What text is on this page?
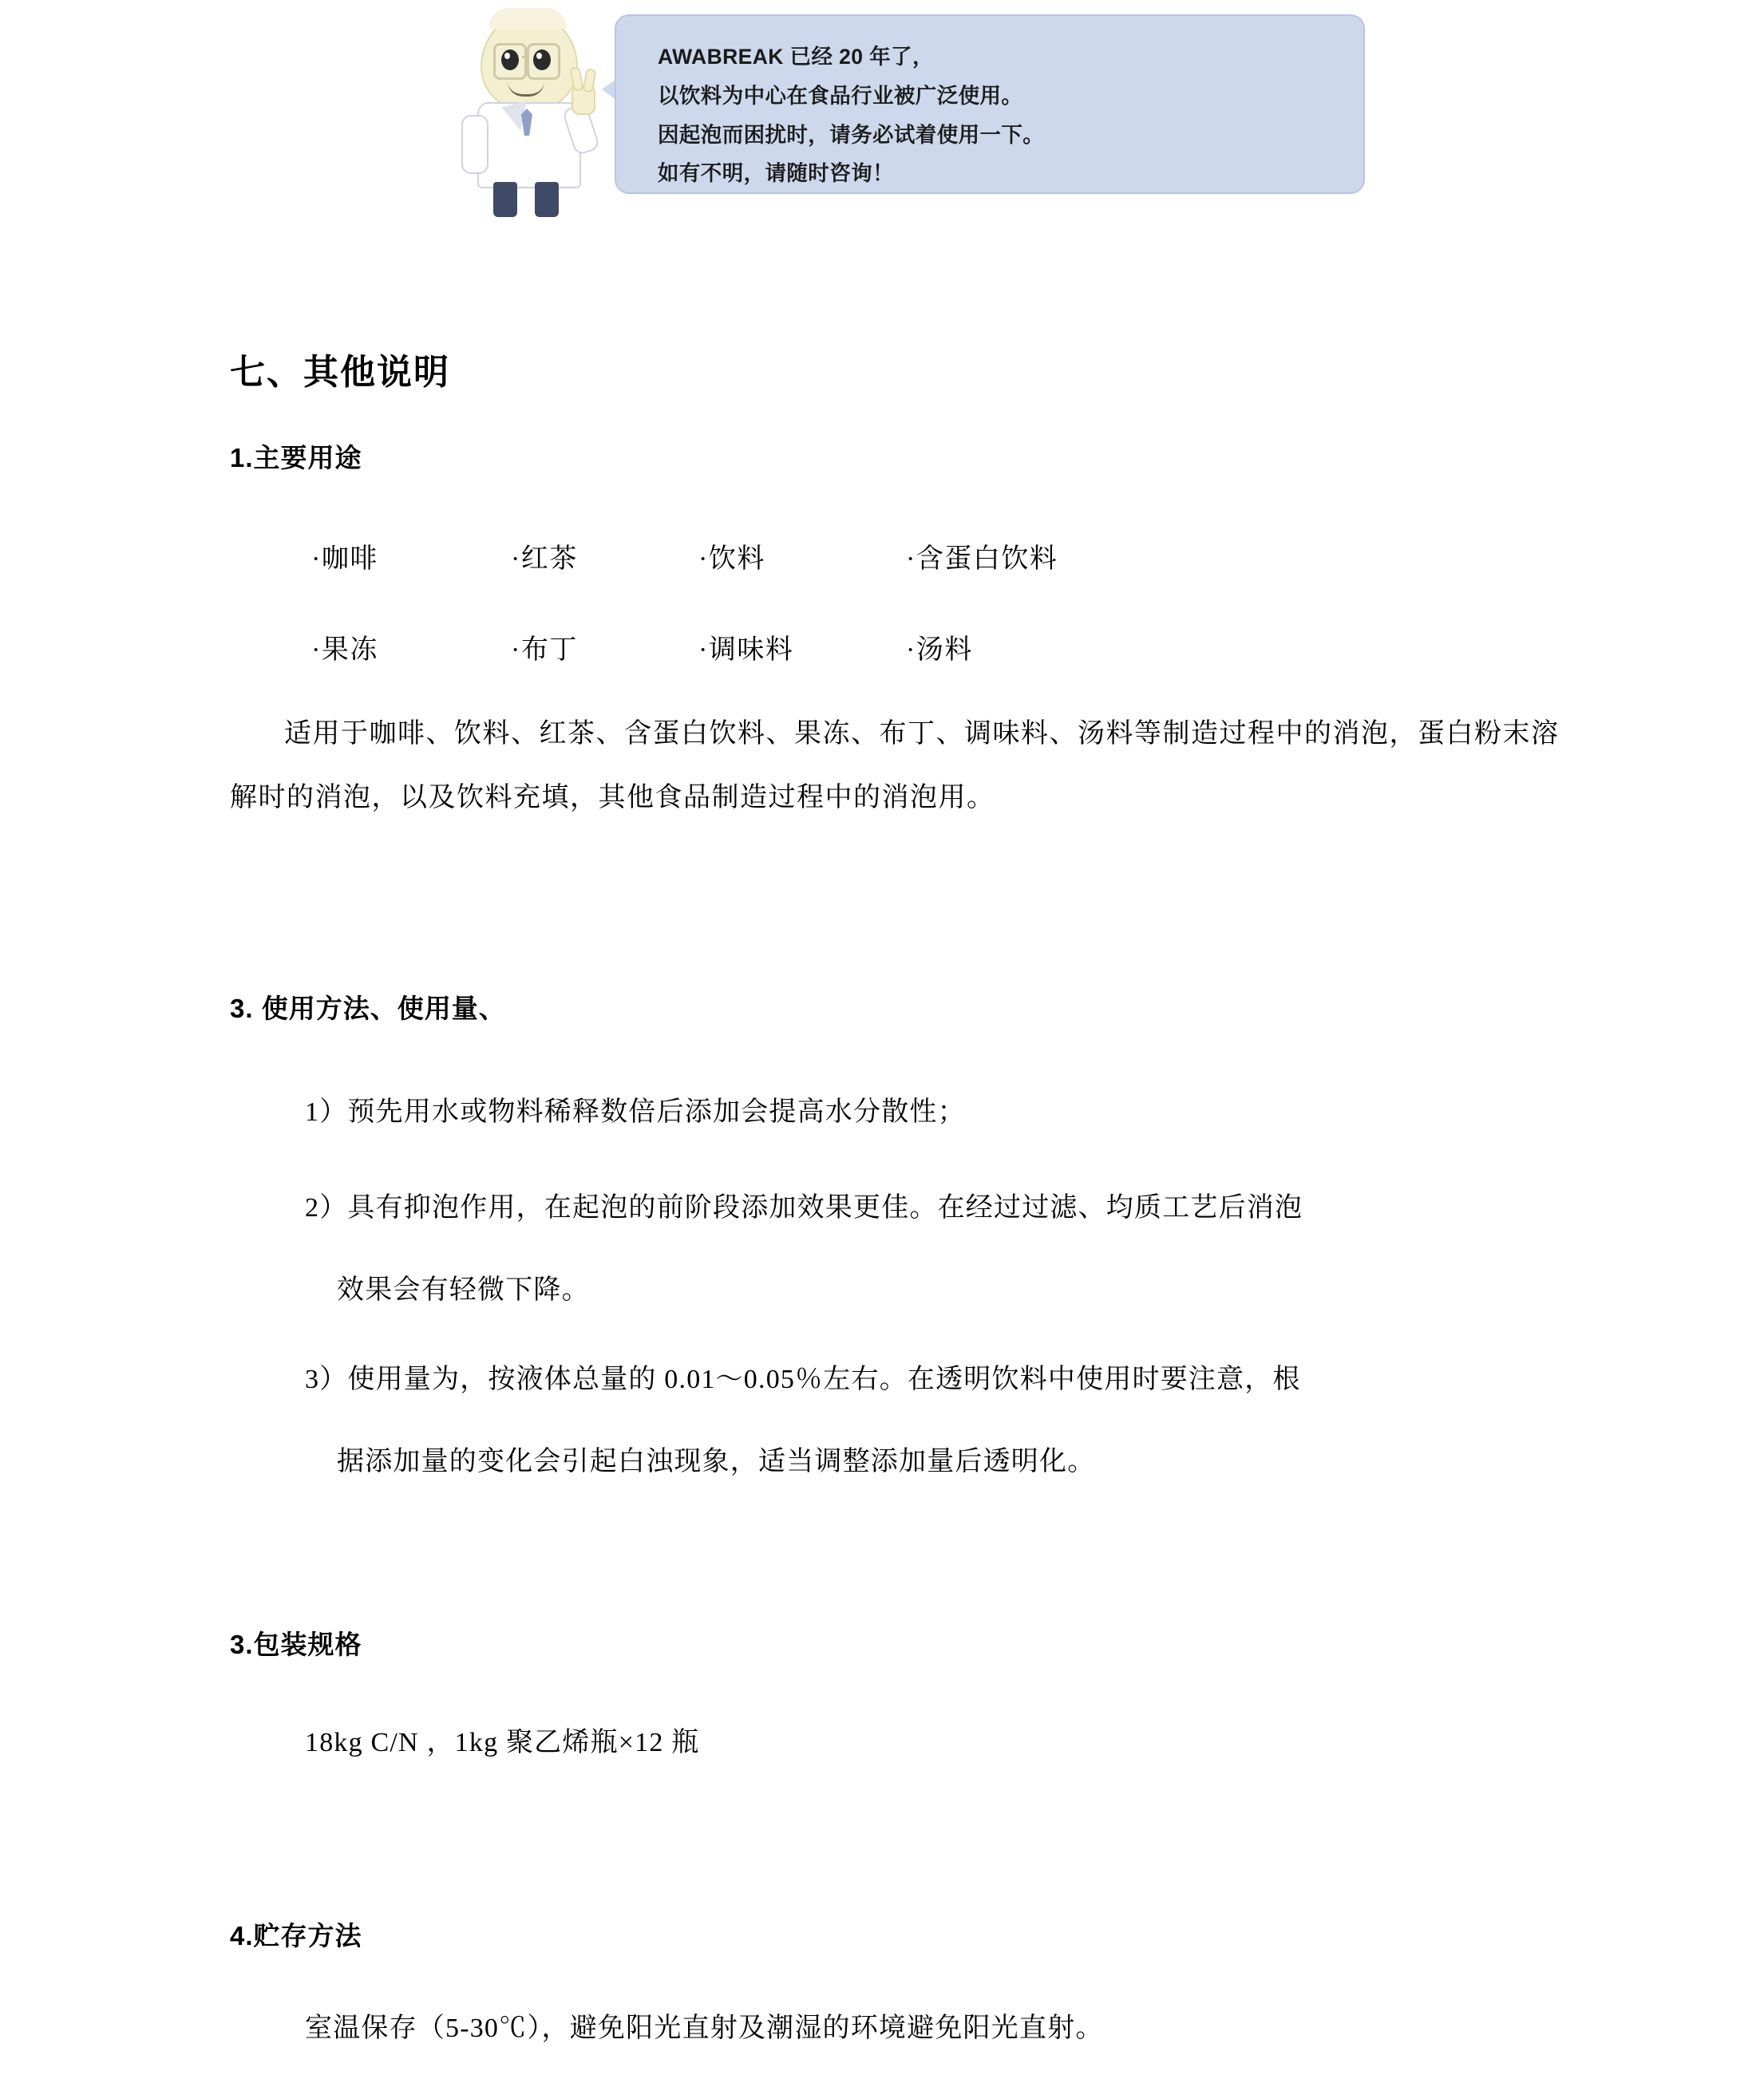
AWABREAK 已经 20 年了，

以饮料为中心在食品行业被广泛使用。

因起泡而困扰时，请务必试着使用一下。

如有不明，请随时咨询！

七、其他说明
1.主要用途
·咖啡	·红茶	·饮料	·含蛋白饮料
·果冻	·布丁	·调味料	·汤料
适用于咖啡、饮料、红茶、含蛋白饮料、果冻、布丁、调味料、汤料等制造过程中的消泡，蛋白粉末溶解时的消泡，以及饮料充填，其他食品制造过程中的消泡用。
3. 使用方法、使用量、
1）预先用水或物料稀释数倍后添加会提高水分散性；
2）具有抑泡作用，在起泡的前阶段添加效果更佳。在经过过滤、均质工艺后消泡
效果会有轻微下降。
3）使用量为，按液体总量的 0.01～0.05％左右。在透明饮料中使用时要注意，根
据添加量的变化会引起白浊现象，适当调整添加量后透明化。
3.包装规格
18kg C/N ，1kg 聚乙烯瓶×12 瓶
4.贮存方法
室温保存（5-30℃），避免阳光直射及潮湿的环境避免阳光直射。
